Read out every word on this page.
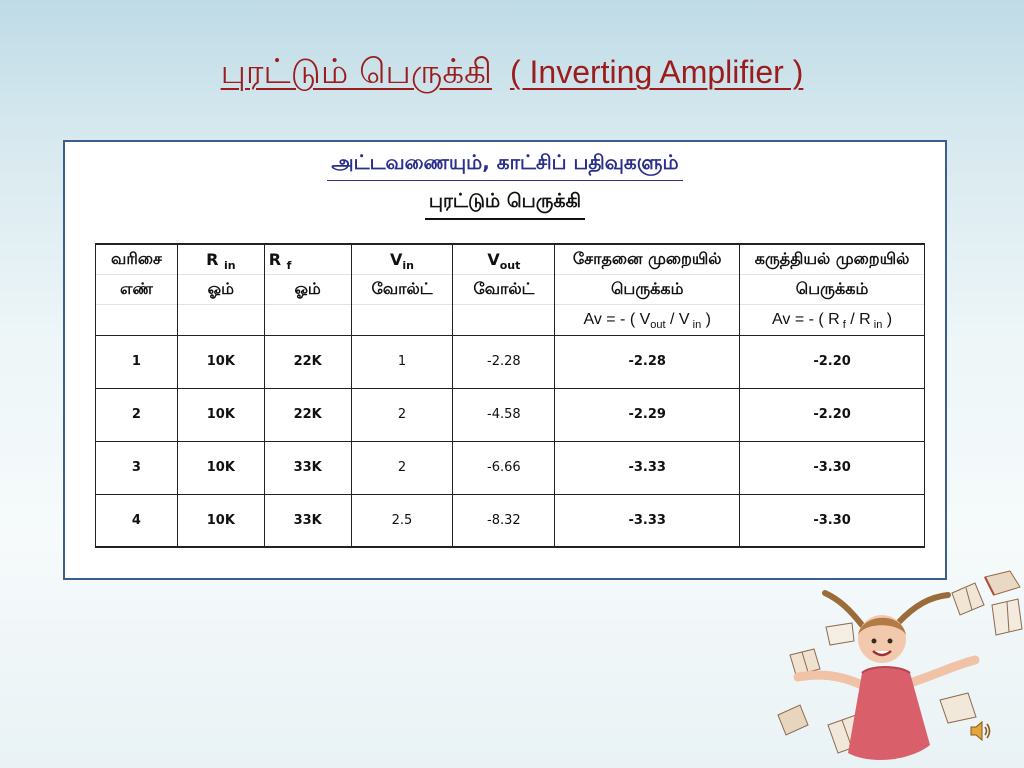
புரட்டும் பெருக்கி ( Inverting Amplifier )
அட்டவணையும், காட்சிப் பதிவுகளும்
புரட்டும் பெருக்கி
வரிசை	R $_{in}$	R $_f$	$V_{in}$	$V_{out}$	சோதனை முறையில்	கருத்தியல் முறையில்
எண்	ஓம்	ஓம்	வோல்ட்	வோல்ட்	பெருக்கம்	பெருக்கம்
					Av = - ( $V_{out}$ / V $_{in}$ )	Av = - ( R $_f$ / R $_{in}$ )
1	10K	22K	1	-2.28	-2.28	-2.20
2	10K	22K	2	-4.58	-2.29	-2.20
3	10K	33K	2	-6.66	-3.33	-3.30
4	10K	33K	2.5	-8.32	-3.33	-3.30
